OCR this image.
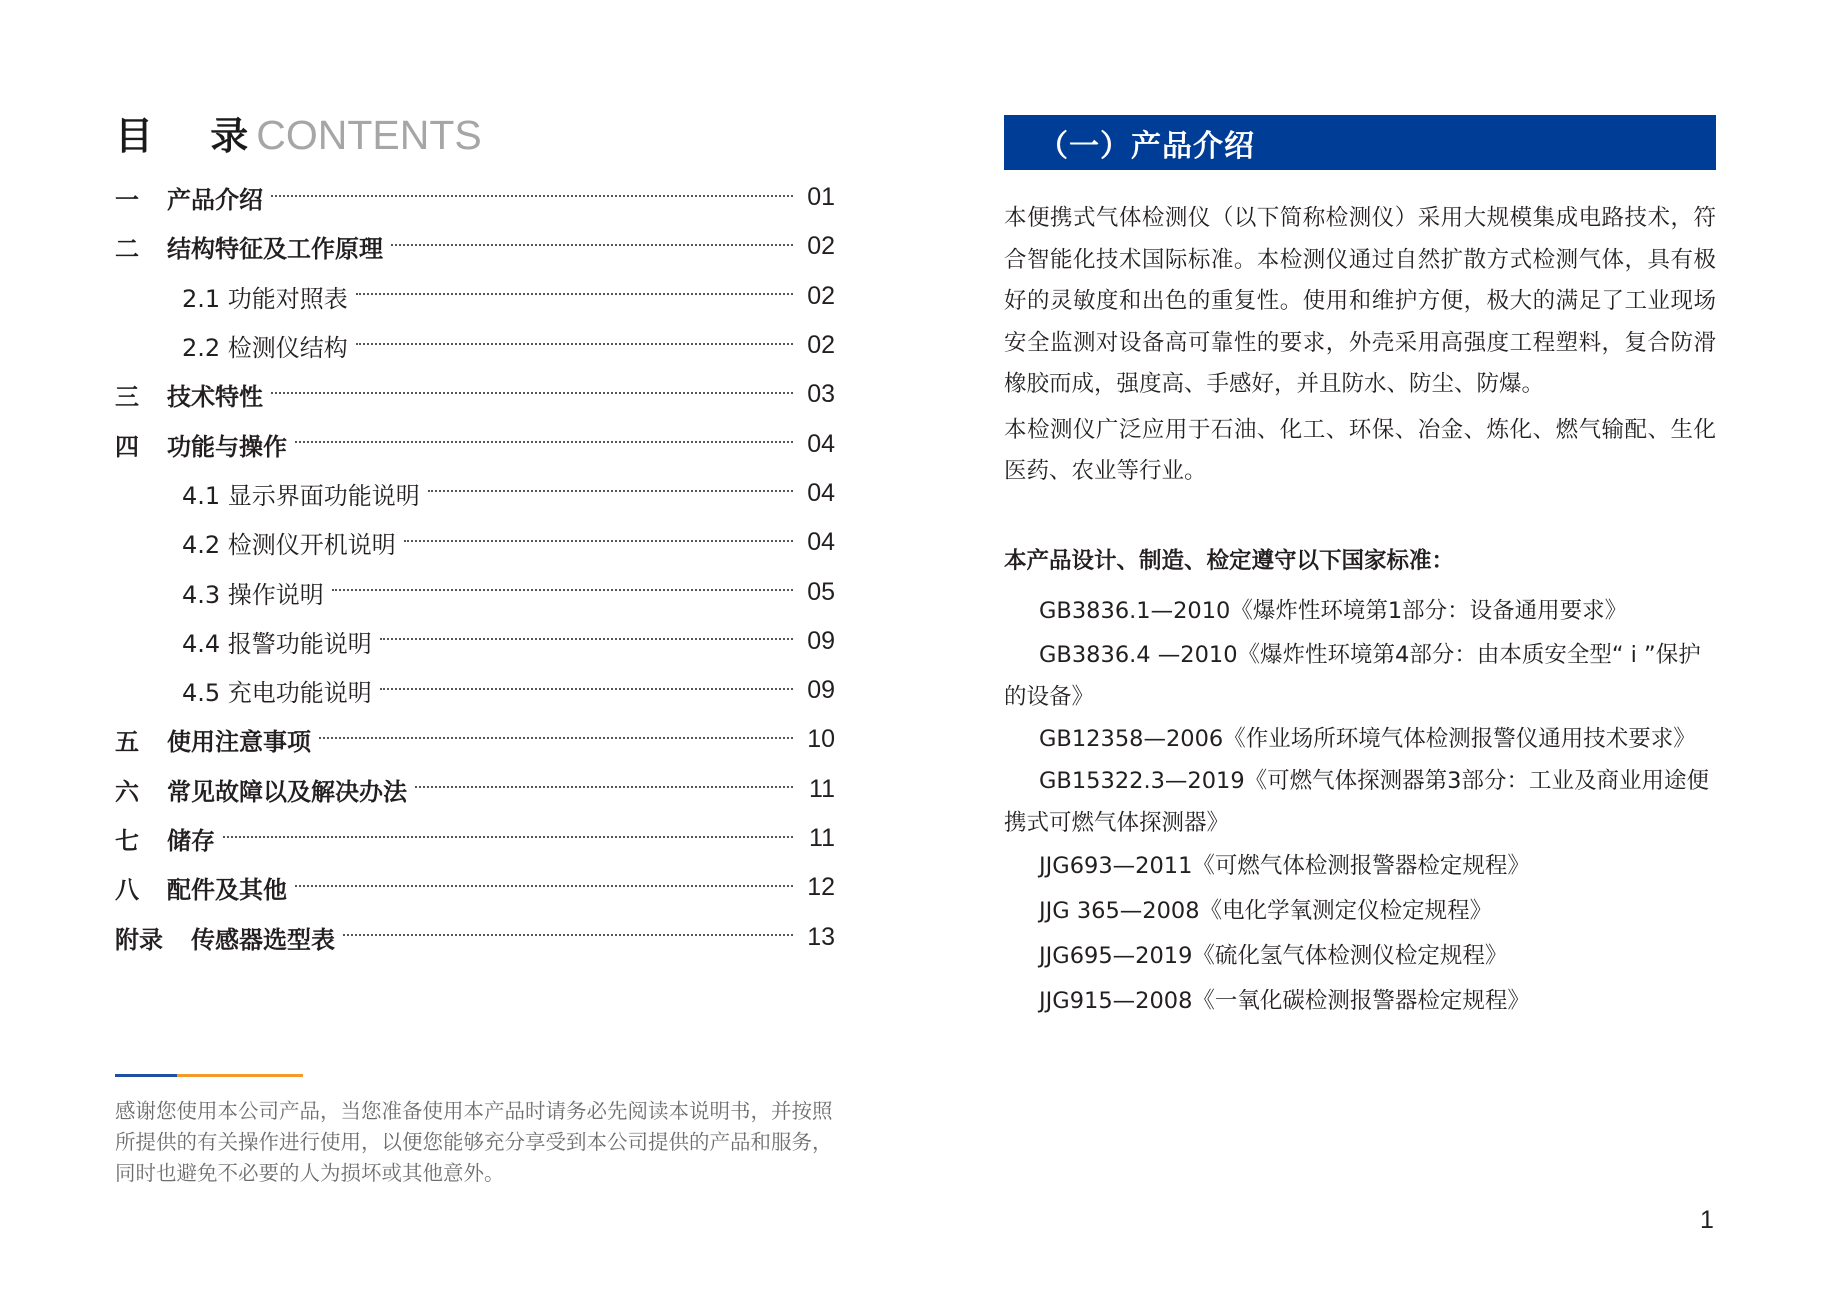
目 录
CONTENTS
一	产品介绍	01
二	结构特征及工作原理	02
2.1 功能对照表	02
2.2 检测仪结构	02
三	技术特性	03
四	功能与操作	04
4.1 显示界面功能说明	04
4.2 检测仪开机说明	04
4.3 操作说明	05
4.4 报警功能说明	09
4.5 充电功能说明	09
五	使用注意事项	10
六	常见故障以及解决办法	11
七	储存	11
八	配件及其他	12
附录	传感器选型表	13

感谢您使用本公司产品，当您准备使用本产品时请务必先阅读本说明书，并按照所提供的有关操作进行使用，以便您能够充分享受到本公司提供的产品和服务，同时也避免不必要的人为损坏或其他意外。

（一）产品介绍

本便携式气体检测仪（以下简称检测仪）采用大规模集成电路技术，符合智能化技术国际标准。本检测仪通过自然扩散方式检测气体，具有极好的灵敏度和出色的重复性。使用和维护方便，极大的满足了工业现场安全监测对设备高可靠性的要求，外壳采用高强度工程塑料，复合防滑橡胶而成，强度高、手感好，并且防水、防尘、防爆。

本检测仪广泛应用于石油、化工、环保、冶金、炼化、燃气输配、生化医药、农业等行业。

本产品设计、制造、检定遵守以下国家标准：

GB3836.1—2010《爆炸性环境第1部分：设备通用要求》
GB3836.4 —2010《爆炸性环境第4部分：由本质安全型“ i ”保护的设备》
GB12358—2006《作业场所环境气体检测报警仪通用技术要求》
GB15322.3—2019《可燃气体探测器第3部分：工业及商业用途便携式可燃气体探测器》
JJG693—2011《可燃气体检测报警器检定规程》
JJG 365—2008《电化学氧测定仪检定规程》
JJG695—2019《硫化氢气体检测仪检定规程》
JJG915—2008《一氧化碳检测报警器检定规程》
1
